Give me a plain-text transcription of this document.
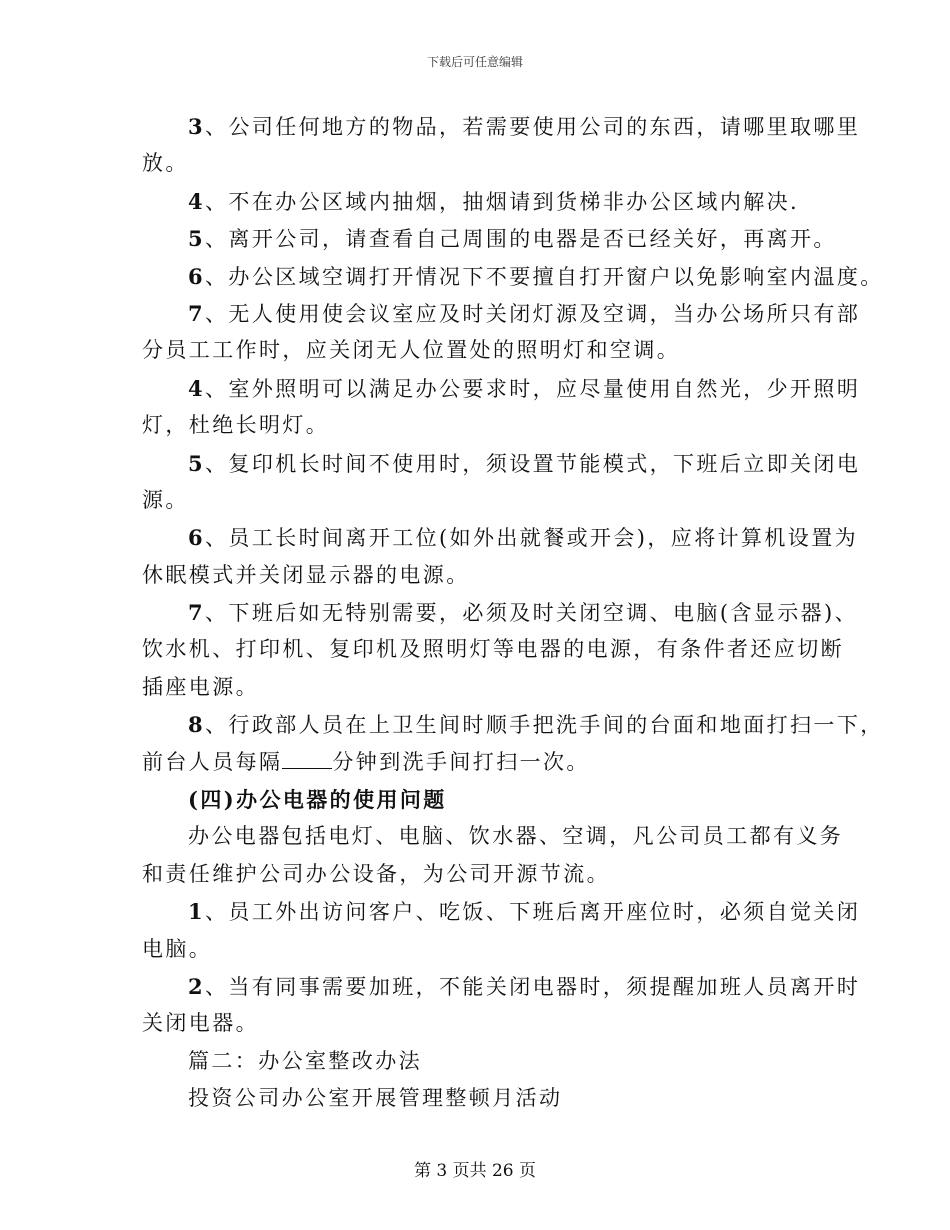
下载后可任意编辑
3、公司任何地方的物品，若需要使用公司的东西，请哪里取哪里
放。
4、不在办公区域内抽烟，抽烟请到货梯非办公区域内解决.
5、离开公司，请查看自己周围的电器是否已经关好，再离开。
6、办公区域空调打开情况下不要擅自打开窗户以免影响室内温度。
7、无人使用使会议室应及时关闭灯源及空调，当办公场所只有部
分员工工作时，应关闭无人位置处的照明灯和空调。
4、室外照明可以满足办公要求时，应尽量使用自然光，少开照明
灯，杜绝长明灯。
5、复印机长时间不使用时，须设置节能模式，下班后立即关闭电
源。
6、员工长时间离开工位(如外出就餐或开会)，应将计算机设置为
休眠模式并关闭显示器的电源。
7、下班后如无特别需要，必须及时关闭空调、电脑(含显示器)、
饮水机、打印机、复印机及照明灯等电器的电源，有条件者还应切断
插座电源。
8、行政部人员在上卫生间时顺手把洗手间的台面和地面打扫一下，
前台人员每隔 分钟到洗手间打扫一次。
(四)办公电器的使用问题
办公电器包括电灯、电脑、饮水器、空调，凡公司员工都有义务
和责任维护公司办公设备，为公司开源节流。
1、员工外出访问客户、吃饭、下班后离开座位时，必须自觉关闭
电脑。
2、当有同事需要加班，不能关闭电器时，须提醒加班人员离开时
关闭电器。
篇二：办公室整改办法
投资公司办公室开展管理整顿月活动
第 3 页共 26 页
